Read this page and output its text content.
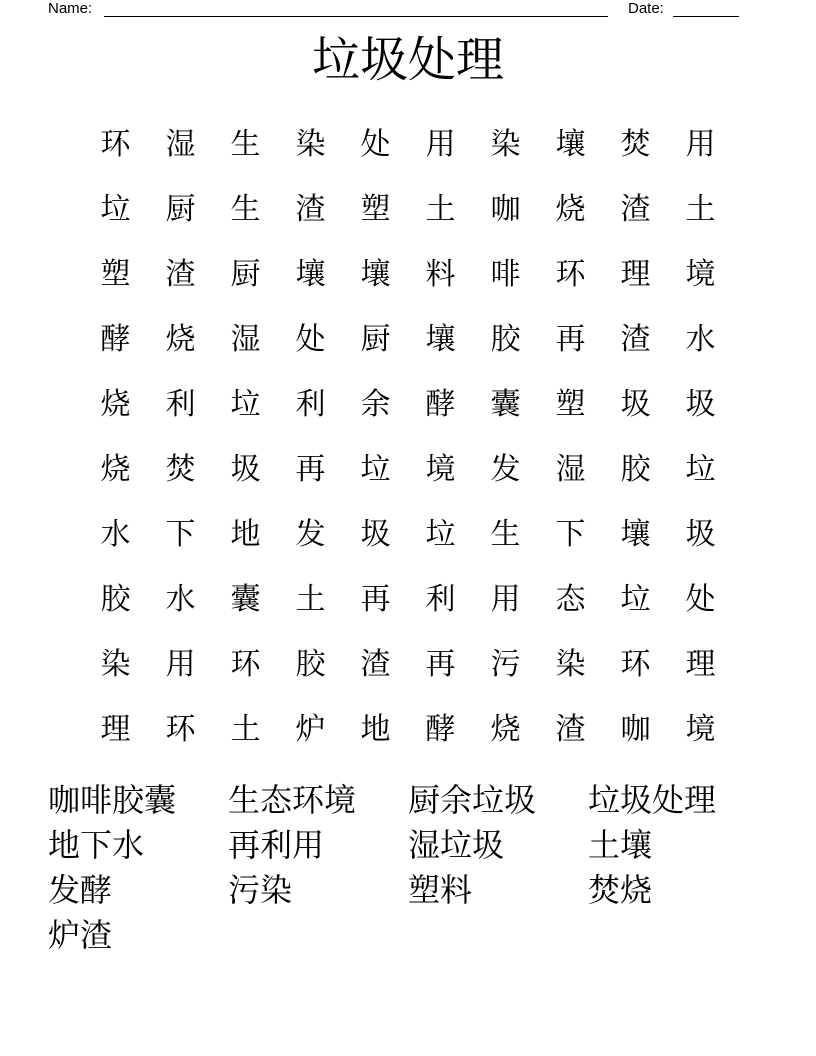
Name:	Date:
垃圾处理
环	湿	生	染	处	用	染	壤	焚	用
垃	厨	生	渣	塑	土	咖	烧	渣	土
塑	渣	厨	壤	壤	料	啡	环	理	境
酵	烧	湿	处	厨	壤	胶	再	渣	水
烧	利	垃	利	余	酵	囊	塑	圾	圾
烧	焚	圾	再	垃	境	发	湿	胶	垃
水	下	地	发	圾	垃	生	下	壤	圾
胶	水	囊	土	再	利	用	态	垃	处
染	用	环	胶	渣	再	污	染	环	理
理	环	土	炉	地	酵	烧	渣	咖	境
咖啡胶囊	生态环境	厨余垃圾	垃圾处理
地下水	再利用	湿垃圾	土壤
发酵	污染	塑料	焚烧
炉渣
